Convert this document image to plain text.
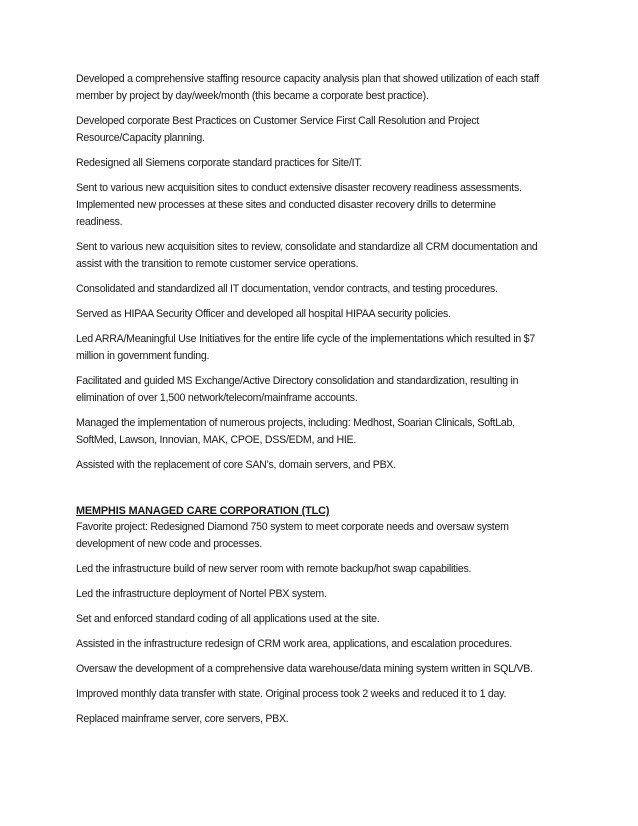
Developed a comprehensive staffing resource capacity analysis plan that showed utilization of each staff
member by project by day/week/month (this became a corporate best practice).

Developed corporate Best Practices on Customer Service First Call Resolution and Project
Resource/Capacity planning.

Redesigned all Siemens corporate standard practices for Site/IT.

Sent to various new acquisition sites to conduct extensive disaster recovery readiness assessments.
Implemented new processes at these sites and conducted disaster recovery drills to determine
readiness.

Sent to various new acquisition sites to review, consolidate and standardize all CRM documentation and
assist with the transition to remote customer service operations.

Consolidated and standardized all IT documentation, vendor contracts, and testing procedures.

Served as HIPAA Security Officer and developed all hospital HIPAA security policies.

Led ARRA/Meaningful Use Initiatives for the entire life cycle of the implementations which resulted in $7
million in government funding.

Facilitated and guided MS Exchange/Active Directory consolidation and standardization, resulting in
elimination of over 1,500 network/telecom/mainframe accounts.

Managed the implementation of numerous projects, including: Medhost, Soarian Clinicals, SoftLab,
SoftMed, Lawson, Innovian, MAK, CPOE, DSS/EDM, and HIE.

Assisted with the replacement of core SAN’s, domain servers, and PBX.

MEMPHIS MANAGED CARE CORPORATION (TLC)

Favorite project: Redesigned Diamond 750 system to meet corporate needs and oversaw system
development of new code and processes.

Led the infrastructure build of new server room with remote backup/hot swap capabilities.

Led the infrastructure deployment of Nortel PBX system.

Set and enforced standard coding of all applications used at the site.

Assisted in the infrastructure redesign of CRM work area, applications, and escalation procedures.

Oversaw the development of a comprehensive data warehouse/data mining system written in SQL/VB.

Improved monthly data transfer with state. Original process took 2 weeks and reduced it to 1 day.

Replaced mainframe server, core servers, PBX.
